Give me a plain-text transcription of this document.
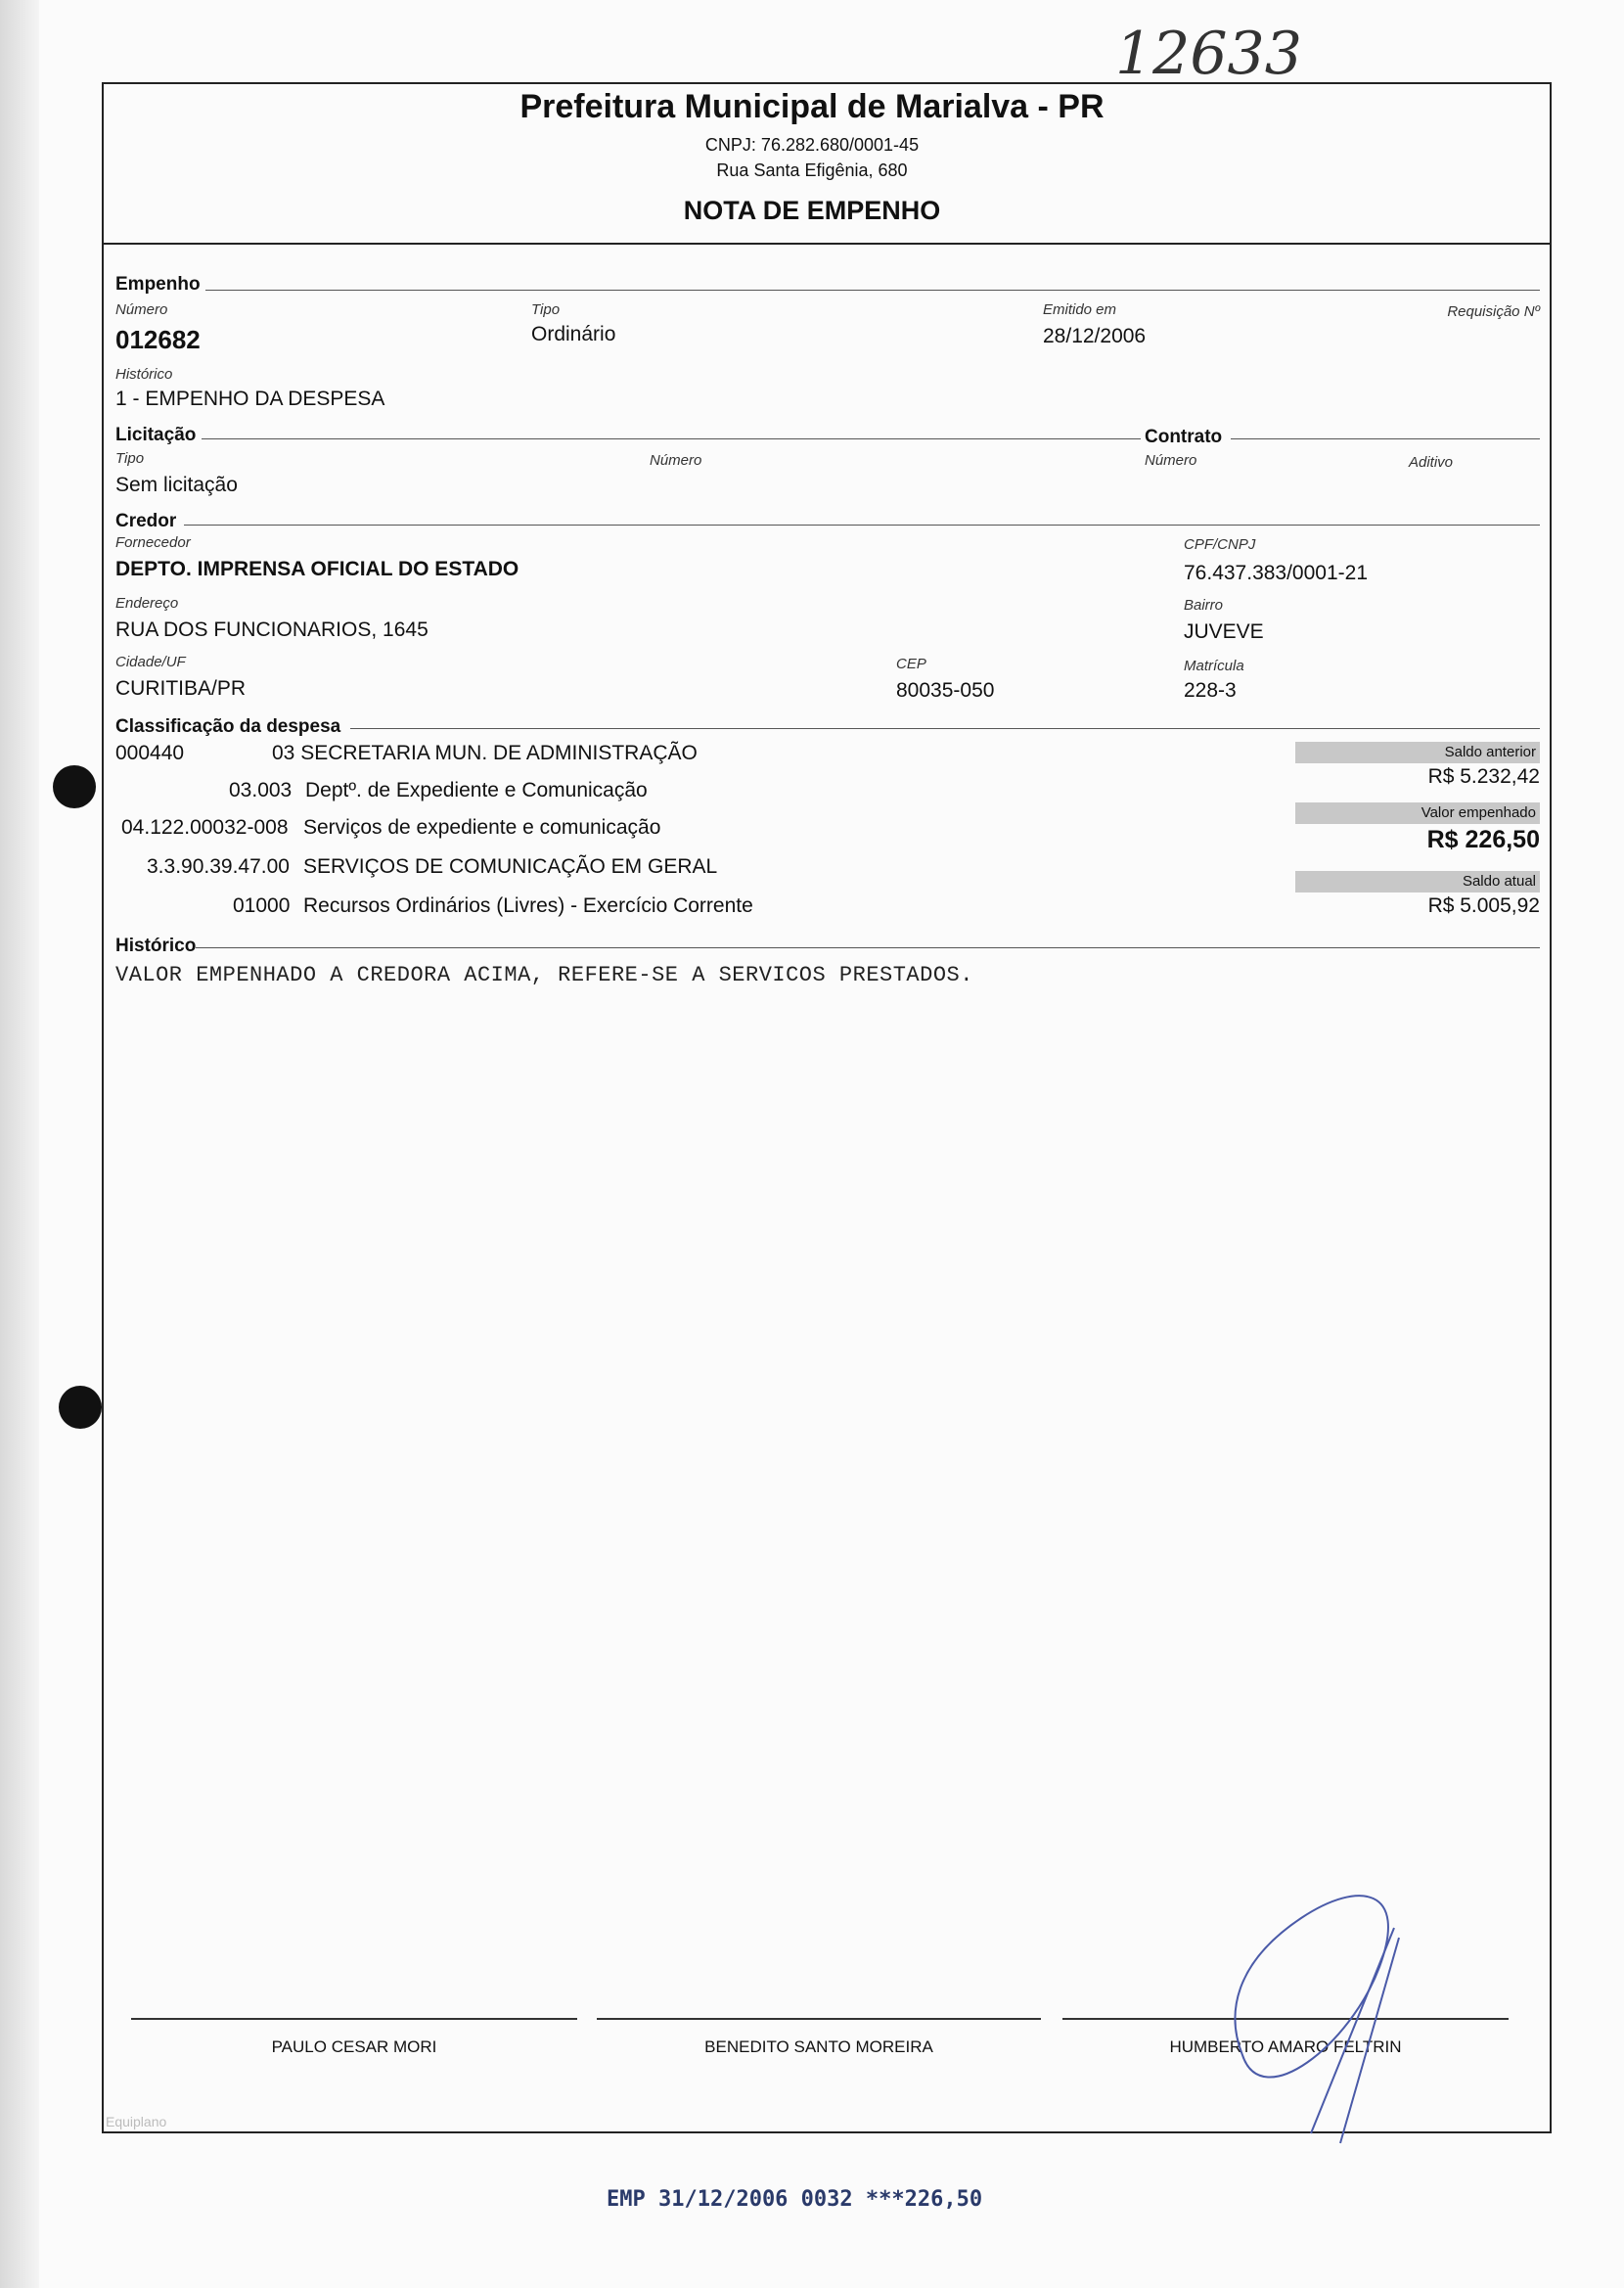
12633
Prefeitura Municipal de Marialva - PR
CNPJ: 76.282.680/0001-45
Rua Santa Efigênia, 680
NOTA DE EMPENHO
Empenho
Número
012682
Tipo
Ordinário
Emitido em
28/12/2006
Requisição Nº
Histórico
1 - EMPENHO DA DESPESA
Licitação	Contrato
Tipo
Sem licitação
Número	Número	Aditivo
Credor
Fornecedor
DEPTO. IMPRENSA OFICIAL DO ESTADO
CPF/CNPJ
76.437.383/0001-21
Endereço
RUA DOS FUNCIONARIOS, 1645
Bairro
JUVEVE
Cidade/UF
CURITIBA/PR
CEP
80035-050
Matrícula
228-3
Classificação da despesa
000440	03 SECRETARIA MUN. DE ADMINISTRAÇÃO
03.003 Deptº. de Expediente e Comunicação
04.122.00032-008 Serviços de expediente e comunicação
3.3.90.39.47.00 SERVIÇOS DE COMUNICAÇÃO EM GERAL
01000 Recursos Ordinários (Livres) - Exercício Corrente
Saldo anterior
R$ 5.232,42
Valor empenhado
R$ 226,50
Saldo atual
R$ 5.005,92
Histórico
VALOR EMPENHADO A CREDORA ACIMA, REFERE-SE A SERVICOS PRESTADOS.
PAULO CESAR MORI	BENEDITO SANTO MOREIRA	HUMBERTO AMARO FELTRIN
Equiplano
EMP 31/12/2006 0032 ***226,50
